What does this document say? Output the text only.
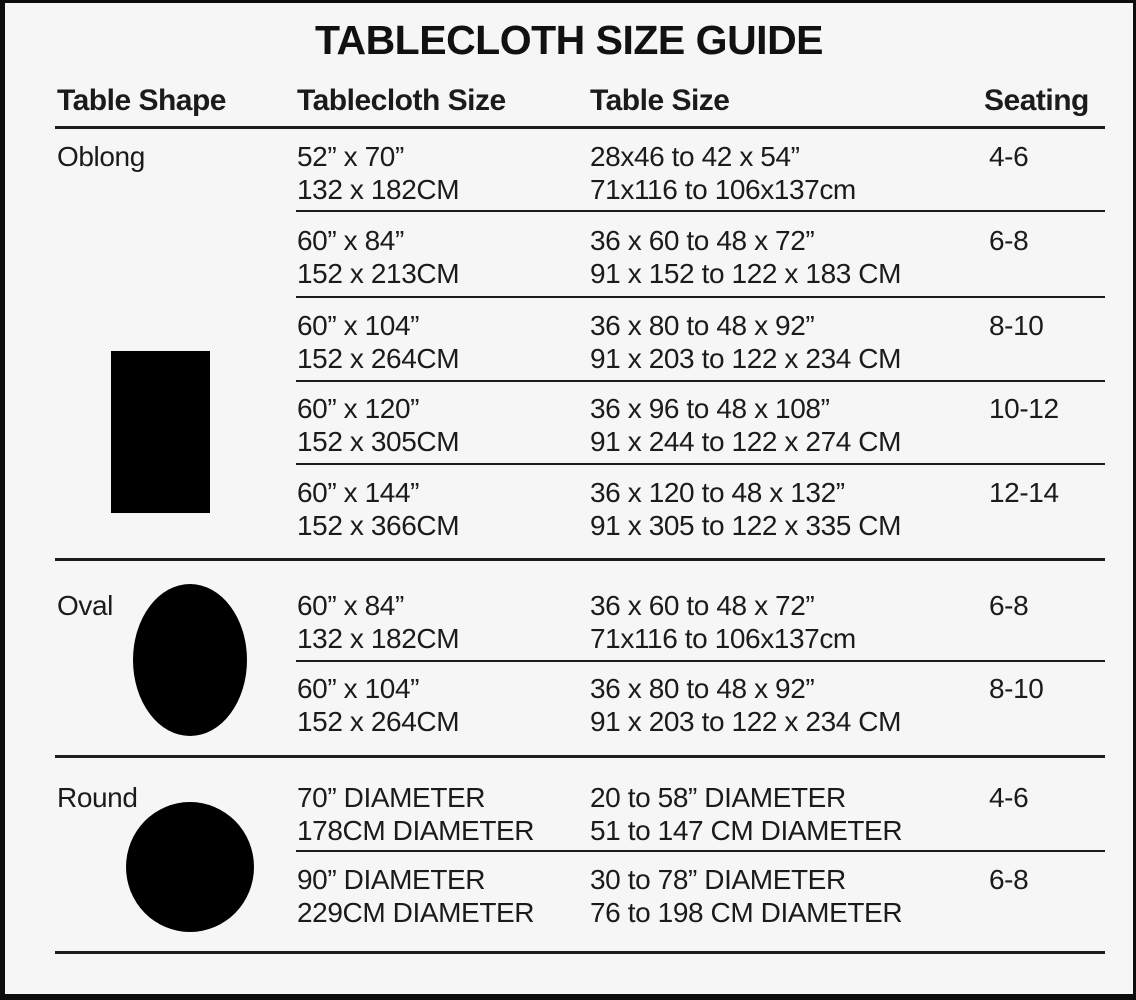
TABLECLOTH SIZE GUIDE
Table Shape Tablecloth Size	Table Size	Seating
Oblong
Oval
Round
52” x 70”
132 x 182CM
28x46 to 42 x 54”
71x116 to 106x137cm
4-6
60” x 84”
152 x 213CM
36 x 60 to 48 x 72”
91 x 152 to 122 x 183 CM
6-8
60” x 104”
152 x 264CM
36 x 80 to 48 x 92”
91 x 203 to 122 x 234 CM
8-10
60” x 120”
152 x 305CM
36 x 96 to 48 x 108”
91 x 244 to 122 x 274 CM
10-12
60” x 144”
152 x 366CM
36 x 120 to 48 x 132”
91 x 305 to 122 x 335 CM
12-14
60” x 84”
132 x 182CM
36 x 60 to 48 x 72”
71x116 to 106x137cm
6-8
60” x 104”
152 x 264CM
36 x 80 to 48 x 92”
91 x 203 to 122 x 234 CM
8-10
70” DIAMETER
178CM DIAMETER
20 to 58” DIAMETER
51 to 147 CM DIAMETER
4-6
90” DIAMETER
229CM DIAMETER
30 to 78” DIAMETER
76 to 198 CM DIAMETER
6-8
